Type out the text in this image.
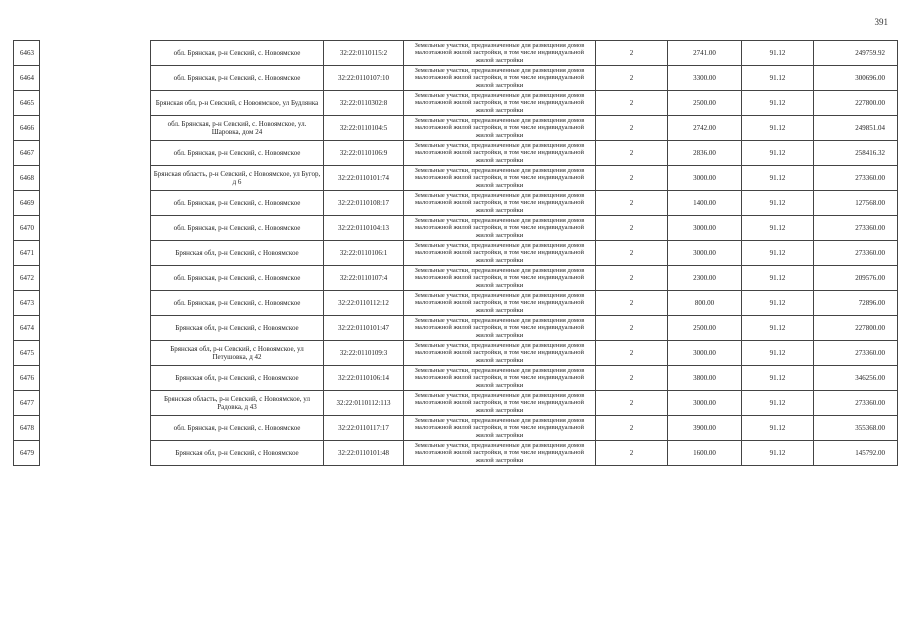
391
6463		обл. Брянская, р-н Севский, с. Новоямское	32:22:0110115:2	Земельные участки, предназначенные для размещения домов малоэтажной жилой застройки, в том числе индивидуальной жилой застройки	2	2741.00	91.12	249759.92
6464		обл. Брянская, р-н Севский, с. Новоямское	32:22:0110107:10	Земельные участки, предназначенные для размещения домов малоэтажной жилой застройки, в том числе индивидуальной жилой застройки	2	3300.00	91.12	300696.00
6465		Брянская обл, р-н Севский, с Новоямское, ул Будлянка	32:22:0110302:8	Земельные участки, предназначенные для размещения домов малоэтажной жилой застройки, в том числе индивидуальной жилой застройки	2	2500.00	91.12	227800.00
6466		обл. Брянская, р-н Севский, с. Новоямское, ул. Шаровка, дом 24	32:22:0110104:5	Земельные участки, предназначенные для размещения домов малоэтажной жилой застройки, в том числе индивидуальной жилой застройки	2	2742.00	91.12	249851.04
6467		обл. Брянская, р-н Севский, с. Новоямское	32:22:0110106:9	Земельные участки, предназначенные для размещения домов малоэтажной жилой застройки, в том числе индивидуальной жилой застройки	2	2836.00	91.12	258416.32
6468		Брянская область, р-н Севский, с Новоямское, ул Бугор, д 6	32:22:0110101:74	Земельные участки, предназначенные для размещения домов малоэтажной жилой застройки, в том числе индивидуальной жилой застройки	2	3000.00	91.12	273360.00
6469		обл. Брянская, р-н Севский, с. Новоямское	32:22:0110108:17	Земельные участки, предназначенные для размещения домов малоэтажной жилой застройки, в том числе индивидуальной жилой застройки	2	1400.00	91.12	127568.00
6470		обл. Брянская, р-н Севский, с. Новоямское	32:22:0110104:13	Земельные участки, предназначенные для размещения домов малоэтажной жилой застройки, в том числе индивидуальной жилой застройки	2	3000.00	91.12	273360.00
6471		Брянская обл, р-н Севский, с Новоямское	32:22:0110106:1	Земельные участки, предназначенные для размещения домов малоэтажной жилой застройки, в том числе индивидуальной жилой застройки	2	3000.00	91.12	273360.00
6472		обл. Брянская, р-н Севский, с. Новоямское	32:22:0110107:4	Земельные участки, предназначенные для размещения домов малоэтажной жилой застройки, в том числе индивидуальной жилой застройки	2	2300.00	91.12	209576.00
6473		обл. Брянская, р-н Севский, с. Новоямское	32:22:0110112:12	Земельные участки, предназначенные для размещения домов малоэтажной жилой застройки, в том числе индивидуальной жилой застройки	2	800.00	91.12	72896.00
6474		Брянская обл, р-н Севский, с Новоямское	32:22:0110101:47	Земельные участки, предназначенные для размещения домов малоэтажной жилой застройки, в том числе индивидуальной жилой застройки	2	2500.00	91.12	227800.00
6475		Брянская обл, р-н Севский, с Новоямское, ул Петушовка, д 42	32:22:0110109:3	Земельные участки, предназначенные для размещения домов малоэтажной жилой застройки, в том числе индивидуальной жилой застройки	2	3000.00	91.12	273360.00
6476		Брянская обл, р-н Севский, с Новоямское	32:22:0110106:14	Земельные участки, предназначенные для размещения домов малоэтажной жилой застройки, в том числе индивидуальной жилой застройки	2	3800.00	91.12	346256.00
6477		Брянская область, р-н Севский, с Новоямское, ул Радовка, д 43	32:22:0110112:113	Земельные участки, предназначенные для размещения домов малоэтажной жилой застройки, в том числе индивидуальной жилой застройки	2	3000.00	91.12	273360.00
6478		обл. Брянская, р-н Севский, с. Новоямское	32:22:0110117:17	Земельные участки, предназначенные для размещения домов малоэтажной жилой застройки, в том числе индивидуальной жилой застройки	2	3900.00	91.12	355368.00
6479		Брянская обл, р-н Севский, с Новоямское	32:22:0110101:48	Земельные участки, предназначенные для размещения домов малоэтажной жилой застройки, в том числе индивидуальной жилой застройки	2	1600.00	91.12	145792.00
